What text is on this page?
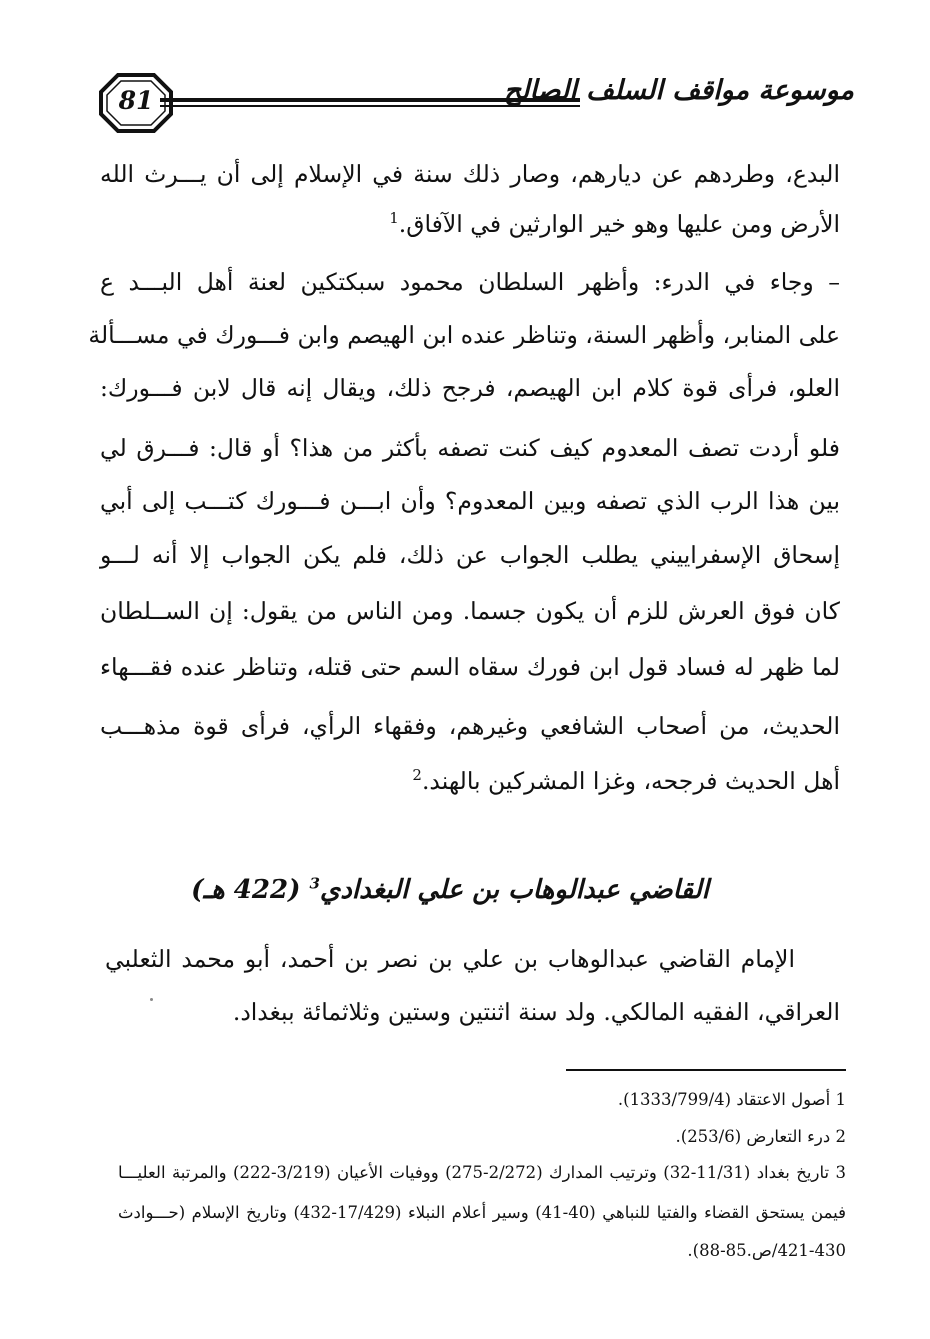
81	موسوعة مواقف السلف الصالح
البدع، وطردهم عن ديارهم، وصار ذلك سنة في الإسلام إلى أن يـــرث الله
الأرض ومن عليها وهو خير الوارثين في الآفاق.$^1$
– وجاء في الدرء: وأظهر السلطان محمود سبكتكين لعنة أهل البـــد ع
على المنابر، وأظهر السنة، وتناظر عنده ابن الهيصم وابن فـــورك في مســـألة
العلو، فرأى قوة كلام ابن الهيصم، فرجح ذلك، ويقال إنه قال لابن فـــورك:
فلو أردت تصف المعدوم كيف كنت تصفه بأكثر من هذا؟ أو قال: فـــرق لي
بين هذا الرب الذي تصفه وبين المعدوم؟ وأن ابـــن فـــورك كتـــب إلى أبي
إسحاق الإسفراييني يطلب الجواب عن ذلك، فلم يكن الجواب إلا أنه لـــو
كان فوق العرش للزم أن يكون جسما. ومن الناس من يقول: إن الســلطان
لما ظهر له فساد قول ابن فورك سقاه السم حتى قتله، وتناظر عنده فقـــهاء
الحديث، من أصحاب الشافعي وغيرهم، وفقهاء الرأي، فرأى قوة مذهـــب
أهل الحديث فرجحه، وغزا المشركين بالهند.$^2$
القاضي عبدالوهاب بن علي البغدادي$^3$ (422 هـ)
الإمام القاضي عبدالوهاب بن علي بن نصر بن أحمد، أبو محمد الثعلبي
العراقي، الفقيه المالكي. ولد سنة اثنتين وستين وثلاثمائة ببغداد.
1 أصول الاعتقاد (1333/799/4).
2 درء التعارض (253/6).
3 تاريخ بغداد (11/31-32) وترتيب المدارك (2/272-275) ووفيات الأعيان (3/219-222) والمرتبة العليـــا
فيمن يستحق القضاء والفتيا للنباهي (40-41) وسير أعلام النبلاء (17/429-432) وتاريخ الإسلام (حـــوادث
421-430/ص.85-88).
